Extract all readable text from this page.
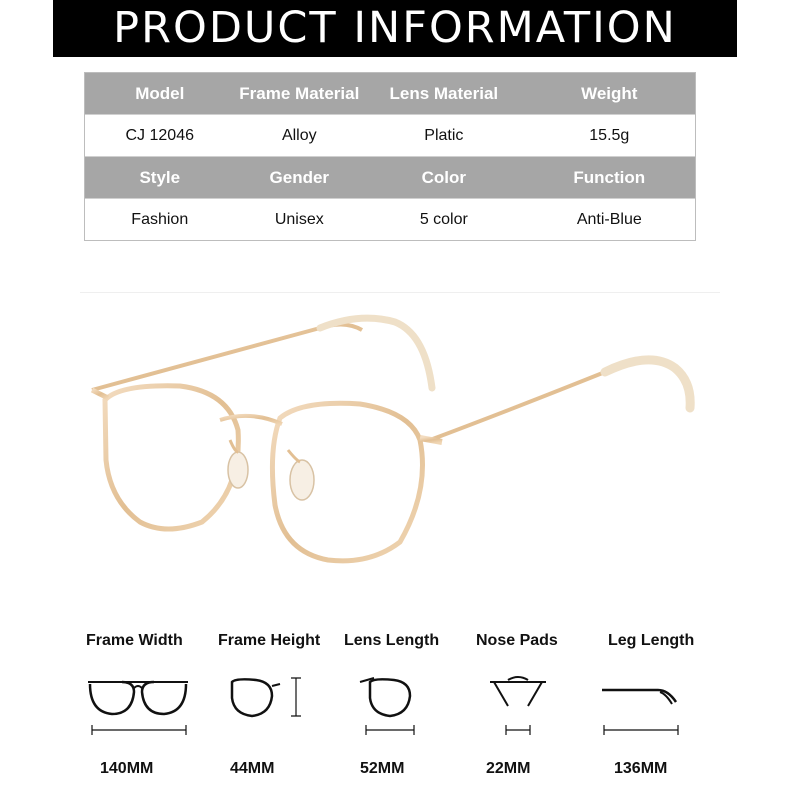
PRODUCT INFORMATION
Model	Frame Material	Lens Material	Weight
CJ 12046	Alloy	Platic	15.5g
Style	Gender	Color	Function
Fashion	Unisex	5 color	Anti-Blue
Frame Width Frame Height Lens Length Nose Pads	Leg Length
140MM	44MM	52MM	22MM	136MM
